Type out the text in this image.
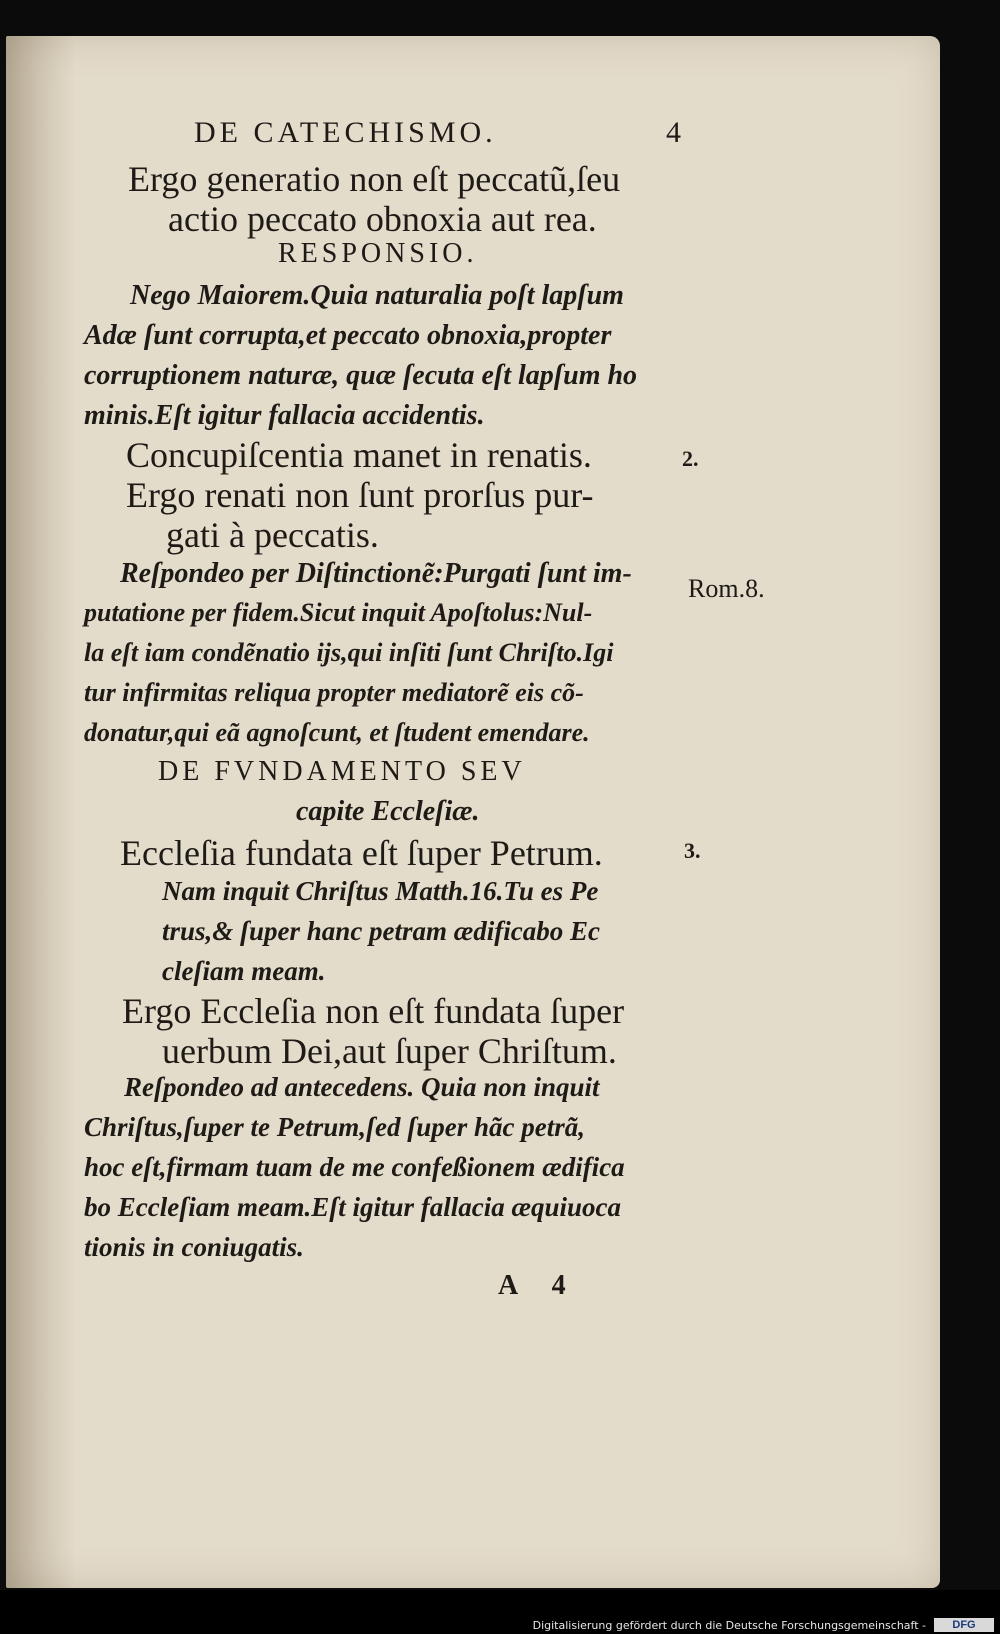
DE CATECHISMO.	4
Ergo generatio non eſt peccatũ,ſeu
actio peccato obnoxia aut rea.
RESPONSIO.
Nego Maiorem.Quia naturalia poſt lapſum
Adæ ſunt corrupta,et peccato obnoxia,propter
corruptionem naturæ, quæ ſecuta eſt lapſum ho
minis.Eſt igitur fallacia accidentis.
Concupiſcentia manet in renatis.
Ergo renati non ſunt prorſus pur-
gati à peccatis.
Reſpondeo per Diſtinctionẽ:Purgati ſunt im-
putatione per fidem.Sicut inquit Apoſtolus:Nul-
la eſt iam condẽnatio ijs,qui inſiti ſunt Chriſto.Igi
tur infirmitas reliqua propter mediatorẽ eis cõ-
donatur,qui eã agnoſcunt, et ſtudent emendare.
DE FVNDAMENTO SEV
capite Eccleſiæ.
Eccleſia fundata eſt ſuper Petrum.
Nam inquit Chriſtus Matth.16.Tu es Pe
trus,& ſuper hanc petram ædificabo Ec
cleſiam meam.
Ergo Eccleſia non eſt fundata ſuper
uerbum Dei,aut ſuper Chriſtum.
Reſpondeo ad antecedens. Quia non inquit
Chriſtus,ſuper te Petrum,ſed ſuper hãc petrã,
hoc eſt,firmam tuam de me confeßionem ædifica
bo Eccleſiam meam.Eſt igitur fallacia æquiuoca
tionis in coniugatis.
2.
Rom.8.
3.
A 4
Digitalisierung gefördert durch die Deutsche Forschungsgemeinschaft -	DFG
